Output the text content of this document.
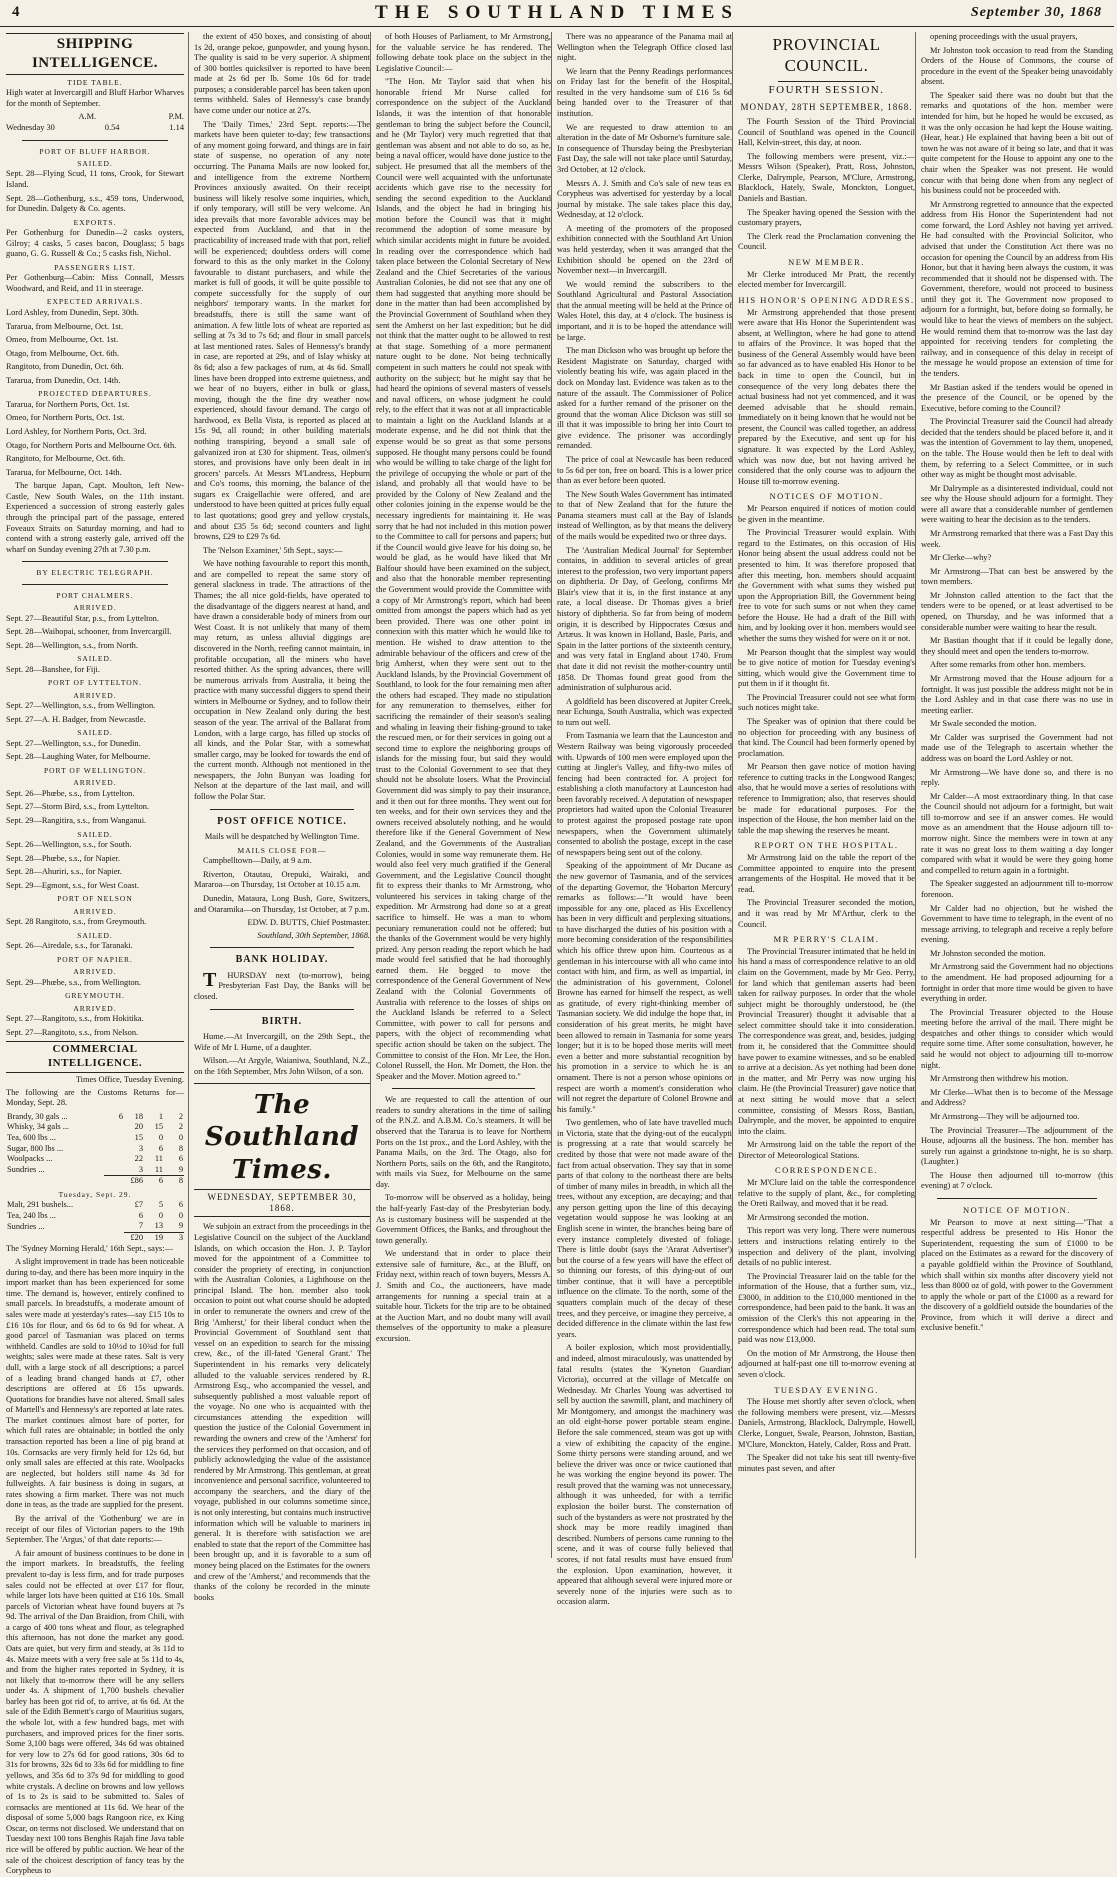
4	THE SOUTHLAND TIMES	September 30, 1868
SHIPPING INTELLIGENCE.
TIDE TABLE.
High water at Invercargill and Bluff Harbor Wharves for the month of September.
A.M.	P.M.
Wednesday 30	0.54	1.14
PORT OF BLUFF HARBOR.
SAILED.
Sept. 28—Flying Scud, 11 tons, Crook, for Stewart Island.
Sept. 28—Gothenburg, s.s., 459 tons, Underwood, for Dunedin. Dalgety & Co. agents.
EXPORTS.
Per Gothenburg for Dunedin—2 casks oysters, Gilroy; 4 casks, 5 cases bacon, Douglass; 5 bags guano, G. G. Russell & Co.; 5 casks fish, Nichol.
PASSENGERS LIST.
Per Gothenburg—Cabin: Miss Connall, Messrs Woodward, and Reid, and 11 in steerage.
EXPECTED ARRIVALS.
Lord Ashley, from Dunedin, Sept. 30th.
Tararua, from Melbourne, Oct. 1st.
Omeo, from Melbourne, Oct. 1st.
Otago, from Melbourne, Oct. 6th.
Rangitoto, from Dunedin, Oct. 6th.
Tararua, from Dunedin, Oct. 14th.
PROJECTED DEPARTURES.
Tararua, for Northern Ports, Oct. 1st.
Omeo, for Northern Ports, Oct. 1st.
Lord Ashley, for Northern Ports, Oct. 3rd.
Otago, for Northern Ports and Melbourne Oct. 6th.
Rangitoto, for Melbourne, Oct. 6th.
Tararua, for Melbourne, Oct. 14th.

The barque Japan, Capt. Moulton, left New-Castle, New South Wales, on the 11th instant. Experienced a succession of strong easterly gales through the principal part of the passage, entered Foveaux Straits on Saturday morning, and had to contend with a strong easterly gale, arrived off the wharf on Sunday evening 27th at 7.30 p.m.

BY ELECTRIC TELEGRAPH.
PORT CHALMERS.
ARRIVED.
Sept. 27—Beautiful Star, p.s., from Lyttelton.
Sept. 28—Waihopai, schooner, from Invercargill.
Sept. 28—Wellington, s.s., from North.
SAILED.
Sept. 28—Banshee, for Fiji.
PORT OF LYTTELTON.
ARRIVED.
Sept. 27—Wellington, s.s., from Wellington.
Sept. 27—A. H. Badger, from Newcastle.
SAILED.
Sept. 27—Wellington, s.s., for Dunedin.
Sept. 28—Laughing Water, for Melbourne.
PORT OF WELLINGTON.
ARRIVED.
Sept. 26—Phœbe, s.s., from Lyttelton.
Sept. 27—Storm Bird, s.s., from Lyttelton.
Sept. 29—Rangitira, s.s., from Wanganui.
SAILED.
Sept. 26—Wellington, s.s., for South.
Sept. 28—Phœbe, s.s., for Napier.
Sept. 28—Ahuriri, s.s., for Napier.
Sept. 29—Egmont, s.s., for West Coast.
PORT OF NELSON
ARRIVED.
Sept. 28 Rangitoto, s.s., from Greymouth.
SAILED.
Sept. 26—Airedale, s.s., for Taranaki.
PORT OF NAPIER.
ARRIVED.
Sept. 29—Phœbe, s.s., from Wellington.
GREYMOUTH.
ARRIVED.
Sept. 27—Rangitoto, s.s., from Hokitika.
Sept. 27—Rangitoto, s.s., from Nelson.
COMMERCIAL INTELLIGENCE.
Times Office, Tuesday Evening.
The following are the Customs Returns for—Monday, Sept. 28.
Brandy, 30 gals ...	6	18	1	2
Whisky, 34 gals ...		20	15	2
Tea, 600 lbs ...		15	0	0
Sugar, 800 lbs ...		3	6	8
Woolpacks ...		22	11	6
Sundries ...		3	11	9
		£86	6	8
Tuesday, Sept. 29.
Malt, 291 bushels...	£7	5	6
Tea, 240 lbs ...	6	0	0
Sundries ...	7	13	9
	£20	19	3
The 'Sydney Morning Herald,' 16th Sept., says:—

A slight improvement in trade has been noticeable during to-day, and there has been more inquiry in the import market than has been experienced for some time. The demand is, however, entirely confined to small parcels. In breadstuffs, a moderate amount of sales were made at yesterday's rates—say £15 10s to £16 10s for flour, and 6s 6d to 6s 9d for wheat. A good parcel of Tasmanian was placed on terms withheld. Candles are sold to 10½d to 10¾d for full weights; sales were made at these rates. Salt is very dull, with a large stock of all descriptions; a parcel of a leading brand changed hands at £7, other descriptions are offered at £6 15s upwards. Quotations for brandies have not altered. Small sales of Martell's and Hennessy's are reported at late rates. The market continues almost bare of porter, for which full rates are obtainable; in bottled the only transaction reported has been a line of pig brand at 10s. Cornsacks are very firmly held for 12s 6d, but only small sales are effected at this rate. Woolpacks are neglected, but holders still name 4s 3d for fullweights. A fair business is doing in sugars, at rates showing a firm market. There was not much done in teas, as the trade are supplied for the present.

By the arrival of the 'Gothenburg' we are in receipt of our files of Victorian papers to the 19th September. The 'Argus,' of that date reports:—

A fair amount of business continues to be done in the import markets. In breadstuffs, the feeling prevalent to-day is less firm, and for trade purposes sales could not be effected at over £17 for flour, while larger lots have been quitted at £16 10s. Small parcels of Victorian wheat have found buyers at 7s 9d. The arrival of the Dan Braidion, from Chili, with a cargo of 400 tons wheat and flour, as telegraphed this afternoon, has not done the market any good. Oats are quiet, but very firm and steady, at 3s 11d to 4s. Maize meets with a very free sale at 5s 11d to 4s, and from the higher rates reported in Sydney, it is not likely that to-morrow there will be any sellers under 4s. A shipment of 1,700 bushels chevalier barley has been got rid of, to arrive, at 6s 6d. At the sale of the Edith Bennett's cargo of Mauritius sugars, the whole lot, with a few hundred bags, met with purchasers, and improved prices for the finer sorts. Some 3,100 bags were offered, 34s 6d was obtained for very low to 27s 6d for good rations, 30s 6d to 31s for browns, 32s 6d to 33s 6d for middling to fine yellows, and 35s 6d to 37s 9d for middling to good white crystals. A decline on browns and low yellows of 1s to 2s is said to be submitted to. Sales of cornsacks are mentioned at 11s 6d. We hear of the disposal of some 5,000 bags Rangoon rice, ex King Oscar, on terms not disclosed. We understand that on Tuesday next 100 tons Benghis Rajah fine Java table rice will be offered by public auction. We hear of the sale of the choicest description of fancy teas by the Corypheus to

the extent of 450 boxes, and consisting of about 1s 2d, orange pekoe, gunpowder, and young hyson. The quality is said to be very superior. A shipment of 300 bottles quicksilver is reported to have been made at 2s 6d per lb. Some 10s 6d for trade purposes; a considerable parcel has been taken upon terms withheld. Sales of Hennessy's case brandy have come under our notice at 27s.

The 'Daily Times,' 23rd Sept. reports:—The markets have been quieter to-day; few transactions of any moment going forward, and things are in fair state of suspense, no operation of any note occurring. The Panama Mails are now looked for, and intelligence from the extreme Northern Provinces anxiously awaited. On their receipt business will likely resolve some inquiries, which, if only temporary, will still be very welcome. An idea prevails that more favorable advices may be expected from Auckland, and that in the practicability of increased trade with that port, relief will be experienced; doubtless orders will come forward to this as the only market in the Colony favourable to distant purchasers, and while the market is full of goods, it will be quite possible to compete successfully for the supply of our neighbors' temporary wants. In the market for breadstuffs, there is still the same want of animation. A few little lots of wheat are reported as selling at 7s 3d to 7s 6d; and flour in small parcels at last mentioned rates. Sales of Hennessy's brandy in case, are reported at 29s, and of Islay whisky at 8s 6d; also a few packages of rum, at 4s 6d. Small lines have been dropped into extreme quietness, and we hear of no buyers, either in bulk or glass, moving, though the the fine dry weather now experienced, should favour demand. The cargo of hardwood, ex Bella Vista, is reported as placed at 15s 9d, all round; in other building materials nothing transpiring, beyond a small sale of galvanized iron at £30 for shipment. Teas, oilmen's stores, and provisions have only been dealt in in grocers' parcels. At Messrs M'Landress, Hepburn and Co's rooms, this morning, the balance of the sugars ex Craigellachie were offered, and are understood to have been quitted at prices fully equal to last quotations; good grey and yellow crystals, and about £35 5s 6d; second counters and light browns, £29 to £29 7s 6d.

The 'Nelson Examiner,' 5th Sept., says:—

We have nothing favourable to report this month, and are compelled to repeat the same story of general slackness in trade. The attractions of the Thames; the all nice gold-fields, have operated to the disadvantage of the diggers nearest at hand, and have drawn a considerable body of miners from our West Coast. It is not unlikely that many of them may return, as unless alluvial diggings are discovered in the North, reefing cannot maintain, in profitable occupation, all the miners who have resorted thither. As the spring advances, there will be numerous arrivals from Australia, it being the practice with many successful diggers to spend their winters in Melbourne or Sydney, and to follow their occupation in New Zealand only during the best season of the year. The arrival of the Ballarat from London, with a large cargo, has filled up stocks of all kinds, and the Polar Star, with a somewhat smaller cargo, may be looked for towards the end of the current month. Although not mentioned in the newspapers, the John Bunyan was loading for Nelson at the departure of the last mail, and will follow the Polar Star.

POST OFFICE NOTICE.
Mails will be despatched by Wellington Time.
MAILS CLOSE FOR—

Campbelltown—Daily, at 9 a.m.

Riverton, Otautau, Orepuki, Wairaki, and Mararoa—on Thursday, 1st October at 10.15 a.m.

Dunedin, Mataura, Long Bush, Gore, Switzers, and Otaramika—on Thursday, 1st October, at 7 p.m.

EDW. D. BUTTS, Chief Postmaster.
Southland, 30th September, 1868.
BANK HOLIDAY.

THURSDAY next (to-morrow), being Presbyterian Fast Day, the Banks will be closed.

BIRTH.

Hume.—At Invercargill, on the 29th Sept., the Wife of Mr I. Hume, of a daughter.

Wilson.—At Argyle, Waianiwa, Southland, N.Z., on the 16th September, Mrs John Wilson, of a son.

The Southland Times.
WEDNESDAY, SEPTEMBER 30, 1868.

We subjoin an extract from the proceedings in the Legislative Council on the subject of the Auckland Islands, on which occasion the Hon. J. P. Taylor moved for the appointment of a Committee to consider the propriety of erecting, in conjunction with the Australian Colonies, a Lighthouse on the principal Island. The hon. member also took occasion to point out what course should be adopted in order to remunerate the owners and crew of the Brig 'Amherst,' for their liberal conduct when the Provincial Government of Southland sent that vessel on an expedition to search for the missing crew, &c., of the ill-fated 'General Grant.' The Superintendent in his remarks very delicately alluded to the valuable services rendered by R. Armstrong Esq., who accompanied the vessel, and subsequently published a most valuable report of the voyage. No one who is acquainted with the circumstances attending the expedition will question the justice of the Colonial Government in rewarding the owners and crew of the 'Amherst' for the services they performed on that occasion, and of publicly acknowledging the value of the assistance rendered by Mr Armstrong. This gentleman, at great inconvenience and personal sacrifice, volunteered to accompany the searchers, and the diary of the voyage, published in our columns sometime since, is not only interesting, but contains much instructive information which will be valuable to mariners in general. It is therefore with satisfaction we are enabled to state that the report of the Committee has been brought up, and it is favorable to a sum of money being placed on the Estimates for the owners and crew of the 'Amherst,' and recommends that the thanks of the colony be recorded in the minute books

of both Houses of Parliament, to Mr Armstrong, for the valuable service he has rendered. The following debate took place on the subject in the Legislative Council:—

"The Hon. Mr Taylor said that when his honorable friend Mr Nurse called for correspondence on the subject of the Auckland Islands, it was the intention of that honorable gentleman to bring the subject before the Council, and he (Mr Taylor) very much regretted that that gentleman was absent and not able to do so, as he, being a naval officer, would have done justice to the subject. He presumed that all the members of the Council were well acquainted with the unfortunate accidents which gave rise to the necessity for sending the second expedition to the Auckland Islands, and the object he had in bringing his motion before the Council was that it might recommend the adoption of some measure by which similar accidents might in future be avoided. In reading over the correspondence which had taken place between the Colonial Secretary of New Zealand and the Chief Secretaries of the various Australian Colonies, he did not see that any one of them had suggested that anything more should be done in the matter than had been accomplished by the Provincial Government of Southland when they sent the Amherst on her last expedition; but he did not think that the matter ought to be allowed to rest at that stage. Something of a more permanent nature ought to be done. Not being technically competent in such matters he could not speak with authority on the subject; but he might say that he had heard the opinions of several masters of vessels and naval officers, on whose judgment he could rely, to the effect that it was not at all impracticable to maintain a light on the Auckland Islands at a moderate expense, and he did not think that the expense would be so great as that some persons supposed. He thought many persons could be found who would be willing to take charge of the light for the privilege of occupying the whole or part of the island, and probably all that would have to be provided by the Colony of New Zealand and the other colonies joining in the expense would be the necessary ingredients for maintaining it. He was sorry that he had not included in this motion power to the Committee to call for persons and papers; but if the Council would give leave for his doing so, he would be glad, as he would have liked that Mr Balfour should have been examined on the subject, and also that the honorable member representing the Government would provide the Committee with a copy of Mr Armstrong's report, which had been omitted from amongst the papers which had as yet been provided. There was one other point in connexion with this matter which he would like to mention. He wished to draw attention to the admirable behaviour of the officers and crew of the brig Amherst, when they were sent out to the Auckland Islands, by the Provincial Government of Southland, to look for the four remaining men after the others had escaped. They made no stipulation for any remuneration to themselves, either for sacrificing the remainder of their season's sealing and whaling in leaving their fishing-ground to take the rescued men, or for their services in going out a second time to explore the neighboring groups of islands for the missing four, but said they would trust to the Colonial Government to see that they should not be absolute losers. What the Provincial Government did was simply to pay their insurance, and it then out for three months. They went out for ten weeks, and for their own services they and the owners received absolutely nothing, and he would therefore like if the General Government of New Zealand, and the Governments of the Australian Colonies, would in some way remunerate them. He would also feel very much gratified if the General Government, and the Legislative Council thought fit to express their thanks to Mr Armstrong, who volunteered his services in taking charge of the expedition. Mr Armstrong had done so at a great sacrifice to himself. He was a man to whom pecuniary remuneration could not be offered; but the thanks of the Government would be very highly prized. Any person reading the report which he had made would feel satisfied that he had thoroughly earned them. He begged to move the correspondence of the General Government of New Zealand with the Colonial Governments of Australia with reference to the losses of ships on the Auckland Islands be referred to a Select Committee, with power to call for persons and papers, with the object of recommending what specific action should be taken on the subject. The Committee to consist of the Hon. Mr Lee, the Hon. Colonel Russell, the Hon. Mr Domett, the Hon. the Speaker and the Mover. Motion agreed to."

We are requested to call the attention of our readers to sundry alterations in the time of sailing of the P.N.Z. and A.B.M. Co.'s steamers. It will be observed that the Tararua is to leave for Northern Ports on the 1st prox., and the Lord Ashley, with the Panama Mails, on the 3rd. The Otago, also for Northern Ports, sails on the 6th, and the Rangitoto, with mails via Suez, for Melbourne on the same day.

To-morrow will be observed as a holiday, being the half-yearly Fast-day of the Presbyterian body. As is customary business will be suspended at the Government Offices, the Banks, and throughout the town generally.

We understand that in order to place their extensive sale of furniture, &c., at the Bluff, on Friday next, within reach of town buyers, Messrs A. J. Smith and Co., the auctioneers, have made arrangements for running a special train at a suitable hour. Tickets for the trip are to be obtained at the Auction Mart, and no doubt many will avail themselves of the opportunity to make a pleasure excursion.

There was no appearance of the Panama mail at Wellington when the Telegraph Office closed last night.

We learn that the Penny Readings performances on Friday last for the benefit of the Hospital, resulted in the very handsome sum of £16 5s 6d being handed over to the Treasurer of that institution.

We are requested to draw attention to an alteration in the date of Mr Osborne's furniture sale. In consequence of Thursday being the Presbyterian Fast Day, the sale will not take place until Saturday, 3rd October, at 12 o'clock.

Messrs A. J. Smith and Co's sale of new teas ex Corypheus was advertised for yesterday by a local journal by mistake. The sale takes place this day, Wednesday, at 12 o'clock.

A meeting of the promoters of the proposed exhibition connected with the Southland Art Union was held yesterday, when it was arranged that the Exhibition should be opened on the 23rd of November next—in Invercargill.

We would remind the subscribers to the Southland Agricultural and Pastoral Association that the annual meeting will be held at the Prince of Wales Hotel, this day, at 4 o'clock. The business is important, and it is to be hoped the attendance will be large.

The man Dickson who was brought up before the Resident Magistrate on Saturday, charged with violently beating his wife, was again placed in the dock on Monday last. Evidence was taken as to the nature of the assault. The Commissioner of Police asked for a further remand of the prisoner on the ground that the woman Alice Dickson was still so ill that it was impossible to bring her into Court to give evidence. The prisoner was accordingly remanded.

The price of coal at Newcastle has been reduced to 5s 6d per ton, free on board. This is a lower price than as ever before been quoted.

The New South Wales Government has intimated to that of New Zealand that for the future the Panama steamers must call at the Bay of Islands instead of Wellington, as by that means the delivery of the mails would be expedited two or three days.

The 'Australian Medical Journal' for September contains, in addition to several articles of great interest to the profession, two very important papers on diphtheria. Dr Day, of Geelong, confirms Mr Blair's view that it is, in the first instance at any rate, a local disease. Dr Thomas gives a brief history of diphtheria. So far from being of modern origin, it is described by Hippocrates Cœsus and Artæus. It was known in Holland, Basle, Paris, and Spain in the latter portions of the sixteenth century, and was very fatal in England about 1740. From that date it did not revisit the mother-country until 1858. Dr Thomas found great good from the administration of sulphurous acid.

A goldfield has been discovered at Jupiter Creek, near Echunga, South Australia, which was expected to turn out well.

From Tasmania we learn that the Launceston and Western Railway was being vigorously proceeded with. Upwards of 100 men were employed upon the cutting at Jingler's Valley, and fifty-two miles of fencing had been contracted for. A project for establishing a cloth manufactory at Launceston had been favorably received. A deputation of newspaper proprietors had waited upon the Colonial Treasurer to protest against the proposed postage rate upon newspapers, when the Government ultimately consented to abolish the postage, except in the case of newspapers being sent out of the colony.

Speaking of the appointment of Mr Ducane as the new governor of Tasmania, and of the services of the departing Governor, the 'Hobarton Mercury' remarks as follows:—"It would have been impossible for any one, placed as His Excellency has been in very difficult and perplexing situations, to have discharged the duties of his position with a more becoming consideration of the responsibilities which his office threw upon him. Courteous as a gentleman in his intercourse with all who came into contact with him, and firm, as well as impartial, in the administration of his government, Colonel Browne has earned for himself the respect, as well as gratitude, of every right-thinking member of Tasmanian society. We did indulge the hope that, in consideration of his great merits, he might have been allowed to remain in Tasmania for some years longer; but it is to be hoped those merits will meet even a better and more substantial recognition by his promotion in a service to which he is an ornament. There is not a person whose opinions or respect are worth a moment's consideration who will not regret the departure of Colonel Browne and his family."

Two gentlemen, who of late have travelled much in Victoria, state that the dying-out of the eucalypti is progressing at a rate that would scarcely be credited by those that were not made aware of the fact from actual observation. They say that in some parts of that colony to the northeast there are belts of timber of many miles in breadth, in which all the trees, without any exception, are decaying; and that any person getting upon the line of this decaying vegetation would suppose he was looking at an English scene in winter, the branches being bare of every instance completely divested of foliage. There is little doubt (says the 'Ararat Advertiser') but the course of a few years will have the effect of so thinning our forests, of this dying-out of our timber continue, that it will have a perceptible influence on the climate. To the north, some of the squatters complain much of the decay of these trees, and they perceive, or imagine they perceive, a decided difference in the climate within the last few years.

A boiler explosion, which most providentially, and indeed, almost miraculously, was unattended by fatal results (states the 'Kyneton Guardian' Victoria), occurred at the village of Metcalfe on Wednesday. Mr Charles Young was advertised to sell by auction the sawmill, plant, and machinery of Mr Montgomery, and amongst the machinery was an old eight-horse power portable steam engine. Before the sale commenced, steam was got up with a view of exhibiting the capacity of the engine. Some thirty persons were standing around, and we believe the driver was once or twice cautioned that he was working the engine beyond its power. The result proved that the warning was not unnecessary, although it was unheeded, for with a terrific explosion the boiler burst. The consternation of such of the bystanders as were not prostrated by the shock may be more readily imagined than described. Numbers of persons came running to the scene, and it was of course fully believed that scores, if not fatal results must have ensued from the explosion. Upon examination, however, it appeared that although several were injured more or severely none of the injuries were such as to occasion alarm.

PROVINCIAL COUNCIL.
FOURTH SESSION.
MONDAY, 28TH SEPTEMBER, 1868.

The Fourth Session of the Third Provincial Council of Southland was opened in the Council Hall, Kelvin-street, this day, at noon.

The following members were present, viz.:—Messrs Wilson (Speaker), Pratt, Ross, Johnston, Clerke, Dalrymple, Pearson, M'Clure, Armstrong, Blacklock, Hately, Swale, Monckton, Longuet, Daniels and Bastian.

The Speaker having opened the Session with the customary prayers,

The Clerk read the Proclamation convening the Council.

NEW MEMBER.

Mr Clerke introduced Mr Pratt, the recently elected member for Invercargill.

HIS HONOR'S OPENING ADDRESS.

Mr Armstrong apprehended that those present were aware that His Honor the Superintendent was absent, at Wellington, where he had gone to attend to affairs of the Province. It was hoped that the business of the General Assembly would have been so far advanced as to have enabled His Honor to be back in time to open the Council, but in consequence of the very long debates there the actual business had not yet commenced, and it was deemed advisable that he should remain. Immediately on it being known that he would not be present, the Council was called together, an address prepared by the Executive, and sent up for his signature. It was expected by the Lord Ashley, which was now due, but not having arrived he considered that the only course was to adjourn the House till to-morrow evening.

NOTICES OF MOTION.

Mr Pearson enquired if notices of motion could be given in the meantime.

The Provincial Treasurer would explain. With regard to the Estimates, on this occasion of His Honor being absent the usual address could not be presented to him. It was therefore proposed that after this meeting, hon. members should acquaint the Government with what sums they wished put upon the Appropriation Bill, the Government being free to vote for such sums or not when they came before the House. He had a draft of the Bill with him, and by looking over it hon. members would see whether the sums they wished for were on it or not.

Mr Pearson thought that the simplest way would be to give notice of motion for Tuesday evening's sitting, which would give the Government time to put them in if it thought fit.

The Provincial Treasurer could not see what form such notices might take.

The Speaker was of opinion that there could be no objection for proceeding with any business of that kind. The Council had been formerly opened by proclamation.

Mr Pearson then gave notice of motion having reference to cutting tracks in the Longwood Ranges; also, that he would move a series of resolutions with reference to Immigration; also, that reserves should be made for educational purposes. For the inspection of the House, the hon member laid on the table the map shewing the reserves he meant.

REPORT ON THE HOSPITAL.

Mr Armstrong laid on the table the report of the Committee appointed to enquire into the present arrangements of the Hospital. He moved that it be read.

The Provincial Treasurer seconded the motion, and it was read by Mr M'Arthur, clerk to the Council.

MR PERRY'S CLAIM.

The Provincial Treasurer intimated that he held in his hand a mass of correspondence relative to an old claim on the Government, made by Mr Geo. Perry, for land which that gentleman asserts had been taken for railway purposes. In order that the whole subject might be thoroughly understood, he (the Provincial Treasurer) thought it advisable that a select committee should take it into consideration. The correspondence was great, and, besides, judging from it, he considered that the Committee should have power to examine witnesses, and so be enabled to arrive at a decision. As yet nothing had been done in the matter, and Mr Perry was now urging his claim. He (the Provincial Treasurer) gave notice that at next sitting he would move that a select committee, consisting of Messrs Ross, Bastian, Dalrymple, and the mover, be appointed to enquire into the claim.

Mr Armstrong laid on the table the report of the Director of Meteorological Stations.

CORRESPONDENCE.

Mr M'Clure laid on the table the correspondence relative to the supply of plant, &c., for completing the Oreti Railway, and moved that it be read.

Mr Armstrong seconded the motion.

This report was very long. There were numerous letters and instructions relating entirely to the inspection and delivery of the plant, involving details of no public interest.

The Provincial Treasurer laid on the table for the information of the House, that a further sum, viz., £3000, in addition to the £10,000 mentioned in the correspondence, had been paid to the bank. It was an omission of the Clerk's this not appearing in the correspondence which had been read. The total sum paid was now £13,000.

On the motion of Mr Armstrong, the House then adjourned at half-past one till to-morrow evening at seven o'clock.

TUESDAY EVENING.

The House met shortly after seven o'clock, when the following members were present, viz.—Messrs Daniels, Armstrong, Blacklock, Dalrymple, Howell, Clerke, Longuet, Swale, Pearson, Johnston, Bastian, M'Clure, Monckton, Hately, Calder, Ross and Pratt.

The Speaker did not take his seat till twenty-five minutes past seven, and after

opening proceedings with the usual prayers,

Mr Johnston took occasion to read from the Standing Orders of the House of Commons, the course of procedure in the event of the Speaker being unavoidably absent.

The Speaker said there was no doubt but that the remarks and quotations of the hon. member were intended for him, but he hoped he would be excused, as it was the only occasion he had kept the House waiting. (Hear, hear.) He explained that having been a bit out of town he was not aware of it being so late, and that it was quite competent for the House to appoint any one to the chair when the Speaker was not present. He would concur with that being done when from any neglect of his business could not be proceeded with.

Mr Armstrong regretted to announce that the expected address from His Honor the Superintendent had not come forward, the Lord Ashley not having yet arrived. He had consulted with the Provincial Solicitor, who advised that under the Constitution Act there was no occasion for opening the Council by an address from His Honor, but that it having been always the custom, it was recommended that it should not be dispensed with. The Government, therefore, would not proceed to business until they got it. The Government now proposed to adjourn for a fortnight, but, before doing so formally, he would like to hear the views of members on the subject. He would remind them that to-morrow was the last day appointed for receiving tenders for completing the railway, and in consequence of this delay in receipt of the message he would propose an extension of time for the tenders.

Mr Bastian asked if the tenders would be opened in the presence of the Council, or be opened by the Executive, before coming to the Council?

The Provincial Treasurer said the Council had already decided that the tenders should be placed before it, and it was the intention of Government to lay them, unopened, on the table. The House would then be left to deal with them, by referring to a Select Committee, or in such other way as might be thought most advisable.

Mr Dalrymple as a disinterested individual, could not see why the House should adjourn for a fortnight. They were all aware that a considerable number of gentlemen were waiting to hear the decision as to the tenders.

Mr Armstrong remarked that there was a Fast Day this week.

Mr Clerke—why?

Mr Armstrong—That can best be answered by the town members.

Mr Johnston called attention to the fact that the tenders were to be opened, or at least advertised to be opened, on Thursday, and he was informed that a considerable number were waiting to hear the result.

Mr Bastian thought that if it could be legally done, they should meet and open the tenders to-morrow.

After some remarks from other hon. members.

Mr Armstrong moved that the House adjourn for a fortnight. It was just possible the address might not be in the Lord Ashley and in that case there was no use in meeting earlier.

Mr Swale seconded the motion.

Mr Calder was surprised the Government had not made use of the Telegraph to ascertain whether the address was on board the Lord Ashley or not.

Mr Armstrong—We have done so, and there is no reply.

Mr Calder—A most extraordinary thing. In that case the Council should not adjourn for a fortnight, but wait till to-morrow and see if an answer comes. He would move as an amendment that the House adjourn till to-morrow night. Since the members were in town at any rate it was no great loss to them waiting a day longer compared with what it would be were they going home and compelled to return again in a fortnight.

The Speaker suggested an adjournment till to-morrow forenoon.

Mr Calder had no objection, but he wished the Government to have time to telegraph, in the event of no message arriving, to telegraph and receive a reply before evening.

Mr Johnston seconded the motion.

Mr Armstrong said the Government had no objections to the amendment. He had proposed adjourning for a fortnight in order that more time would be given to have everything in order.

The Provincial Treasurer objected to the House meeting before the arrival of the mail. There might be despatches and other things to consider which would require some time. After some consultation, however, he said he would not object to adjourning till to-morrow night.

Mr Armstrong then withdrew his motion.

Mr Clerke—What then is to become of the Message and Address?

Mr Armstrong—They will be adjourned too.

The Provincial Treasurer—The adjournment of the House, adjourns all the business. The hon. member has surely run against a grindstone to-night, he is so sharp. (Laughter.)

The House then adjourned till to-morrow (this evening) at 7 o'clock.

NOTICE OF MOTION.

Mr Pearson to move at next sitting—"That a respectful address be presented to His Honor the Superintendent, requesting the sum of £1000 to be placed on the Estimates as a reward for the discovery of a payable goldfield within the Province of Southland, which shall within six months after discovery yield not less than 8000 oz of gold, with power to the Government to apply the whole or part of the £1000 as a reward for the discovery of a goldfield outside the boundaries of the Province, from which it will derive a direct and exclusive benefit."
